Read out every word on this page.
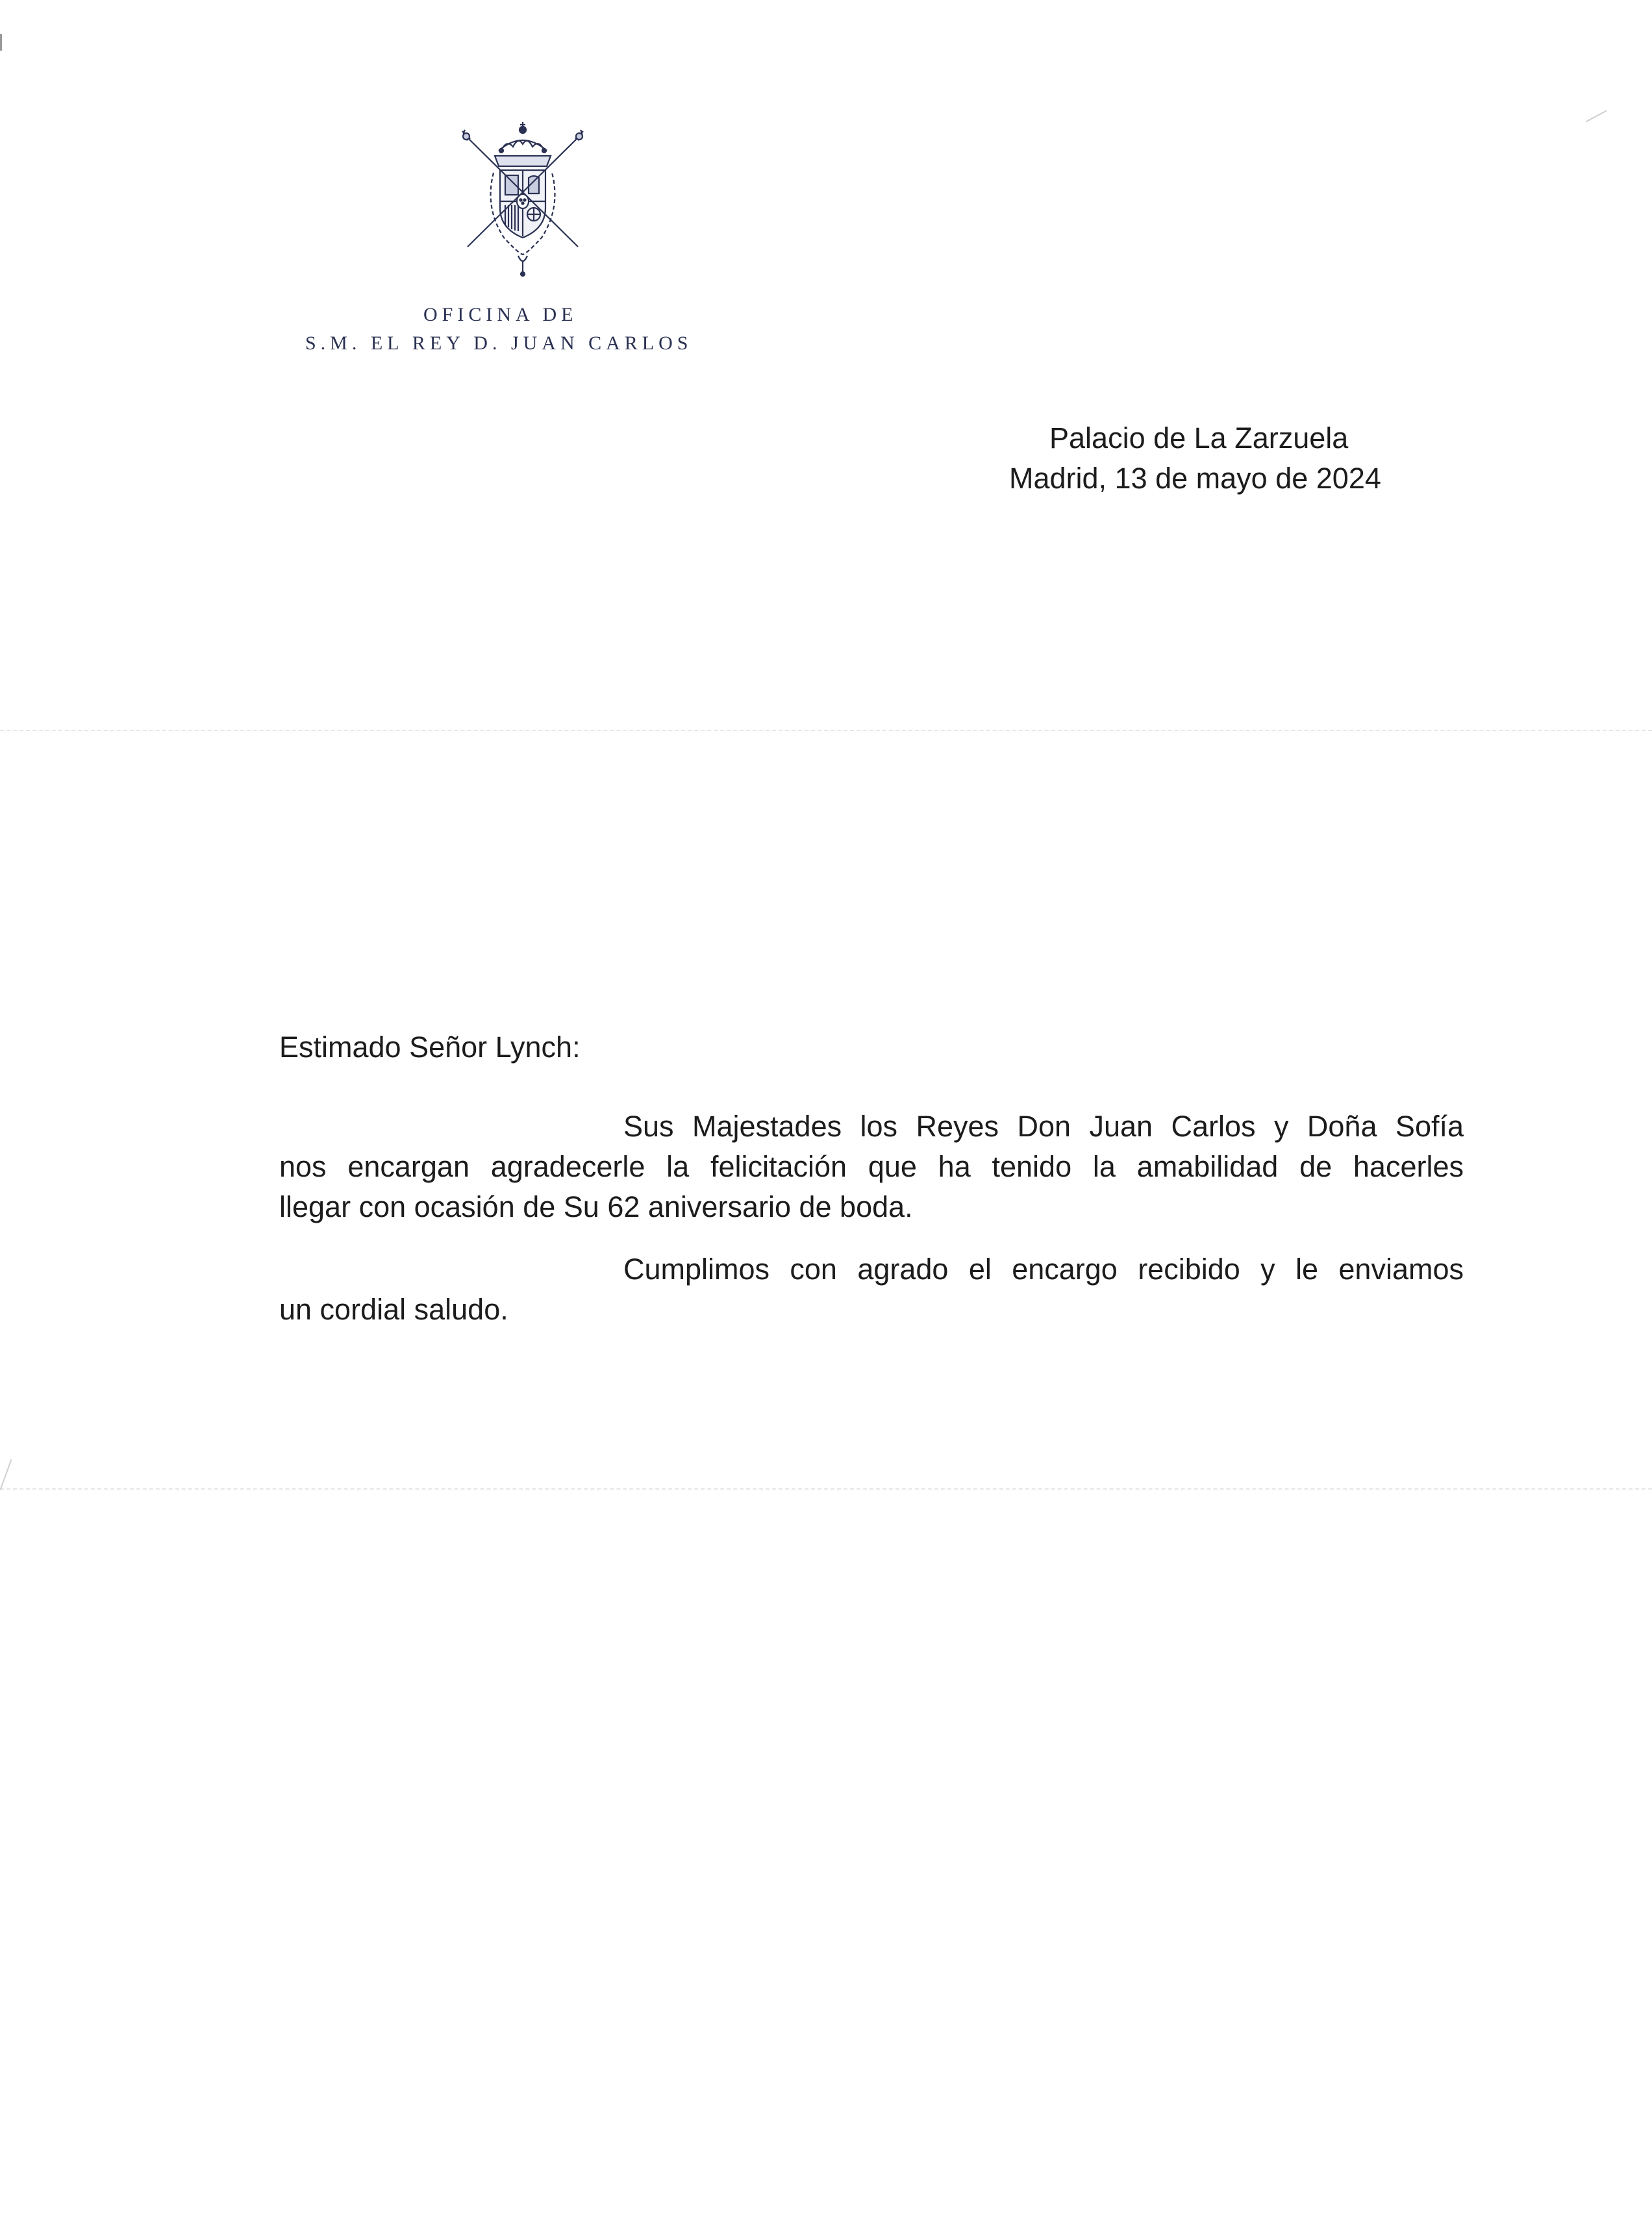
OFICINA DE
S.M. EL REY D. JUAN CARLOS
Palacio de La Zarzuela
Madrid, 13 de mayo de 2024
Estimado Señor Lynch:
Sus Majestades los Reyes Don Juan Carlos y Doña Sofía
nos encargan agradecerle la felicitación que ha tenido la amabilidad de hacerles
llegar con ocasión de Su 62 aniversario de boda.
Cumplimos con agrado el encargo recibido y le enviamos
un cordial saludo.
